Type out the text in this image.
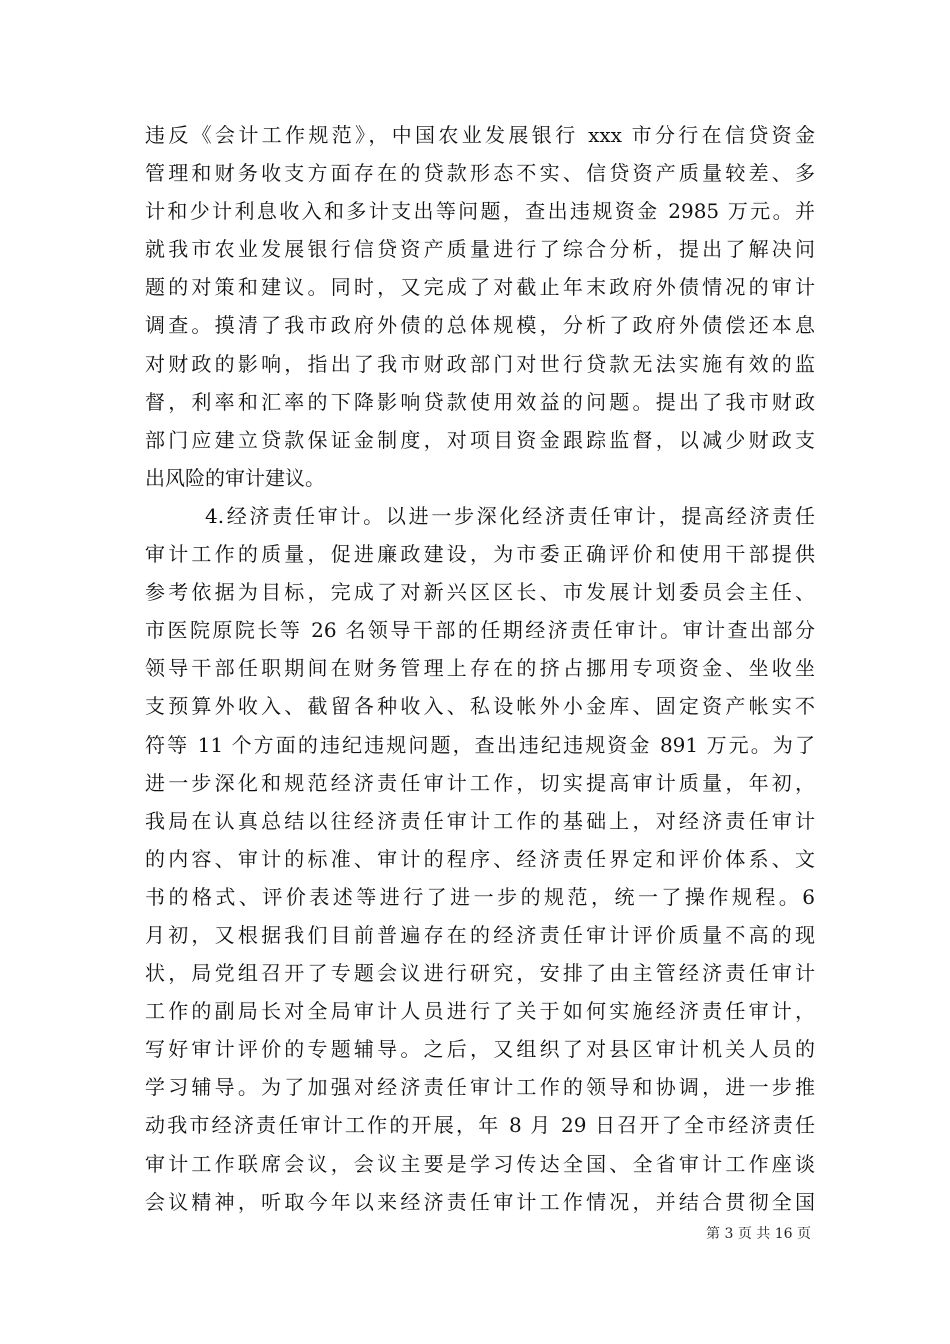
违反《会计工作规范》，中国农业发展银行 xxx 市分行在信贷资金
管理和财务收支方面存在的贷款形态不实、信贷资产质量较差、多
计和少计利息收入和多计支出等问题，查出违规资金 2985 万元。并
就我市农业发展银行信贷资产质量进行了综合分析，提出了解决问
题的对策和建议。同时，又完成了对截止年末政府外债情况的审计
调查。摸清了我市政府外债的总体规模，分析了政府外债偿还本息
对财政的影响，指出了我市财政部门对世行贷款无法实施有效的监
督，利率和汇率的下降影响贷款使用效益的问题。提出了我市财政
部门应建立贷款保证金制度，对项目资金跟踪监督，以减少财政支
出风险的审计建议。
4.经济责任审计。以进一步深化经济责任审计，提高经济责任
审计工作的质量，促进廉政建设，为市委正确评价和使用干部提供
参考依据为目标，完成了对新兴区区长、市发展计划委员会主任、
市医院原院长等 26 名领导干部的任期经济责任审计。审计查出部分
领导干部任职期间在财务管理上存在的挤占挪用专项资金、坐收坐
支预算外收入、截留各种收入、私设帐外小金库、固定资产帐实不
符等 11 个方面的违纪违规问题，查出违纪违规资金 891 万元。为了
进一步深化和规范经济责任审计工作，切实提高审计质量，年初，
我局在认真总结以往经济责任审计工作的基础上，对经济责任审计
的内容、审计的标准、审计的程序、经济责任界定和评价体系、文
书的格式、评价表述等进行了进一步的规范，统一了操作规程。6
月初，又根据我们目前普遍存在的经济责任审计评价质量不高的现
状，局党组召开了专题会议进行研究，安排了由主管经济责任审计
工作的副局长对全局审计人员进行了关于如何实施经济责任审计，
写好审计评价的专题辅导。之后，又组织了对县区审计机关人员的
学习辅导。为了加强对经济责任审计工作的领导和协调，进一步推
动我市经济责任审计工作的开展，年 8 月 29 日召开了全市经济责任
审计工作联席会议，会议主要是学习传达全国、全省审计工作座谈
会议精神，听取今年以来经济责任审计工作情况，并结合贯彻全国
第 3 页 共 16 页
